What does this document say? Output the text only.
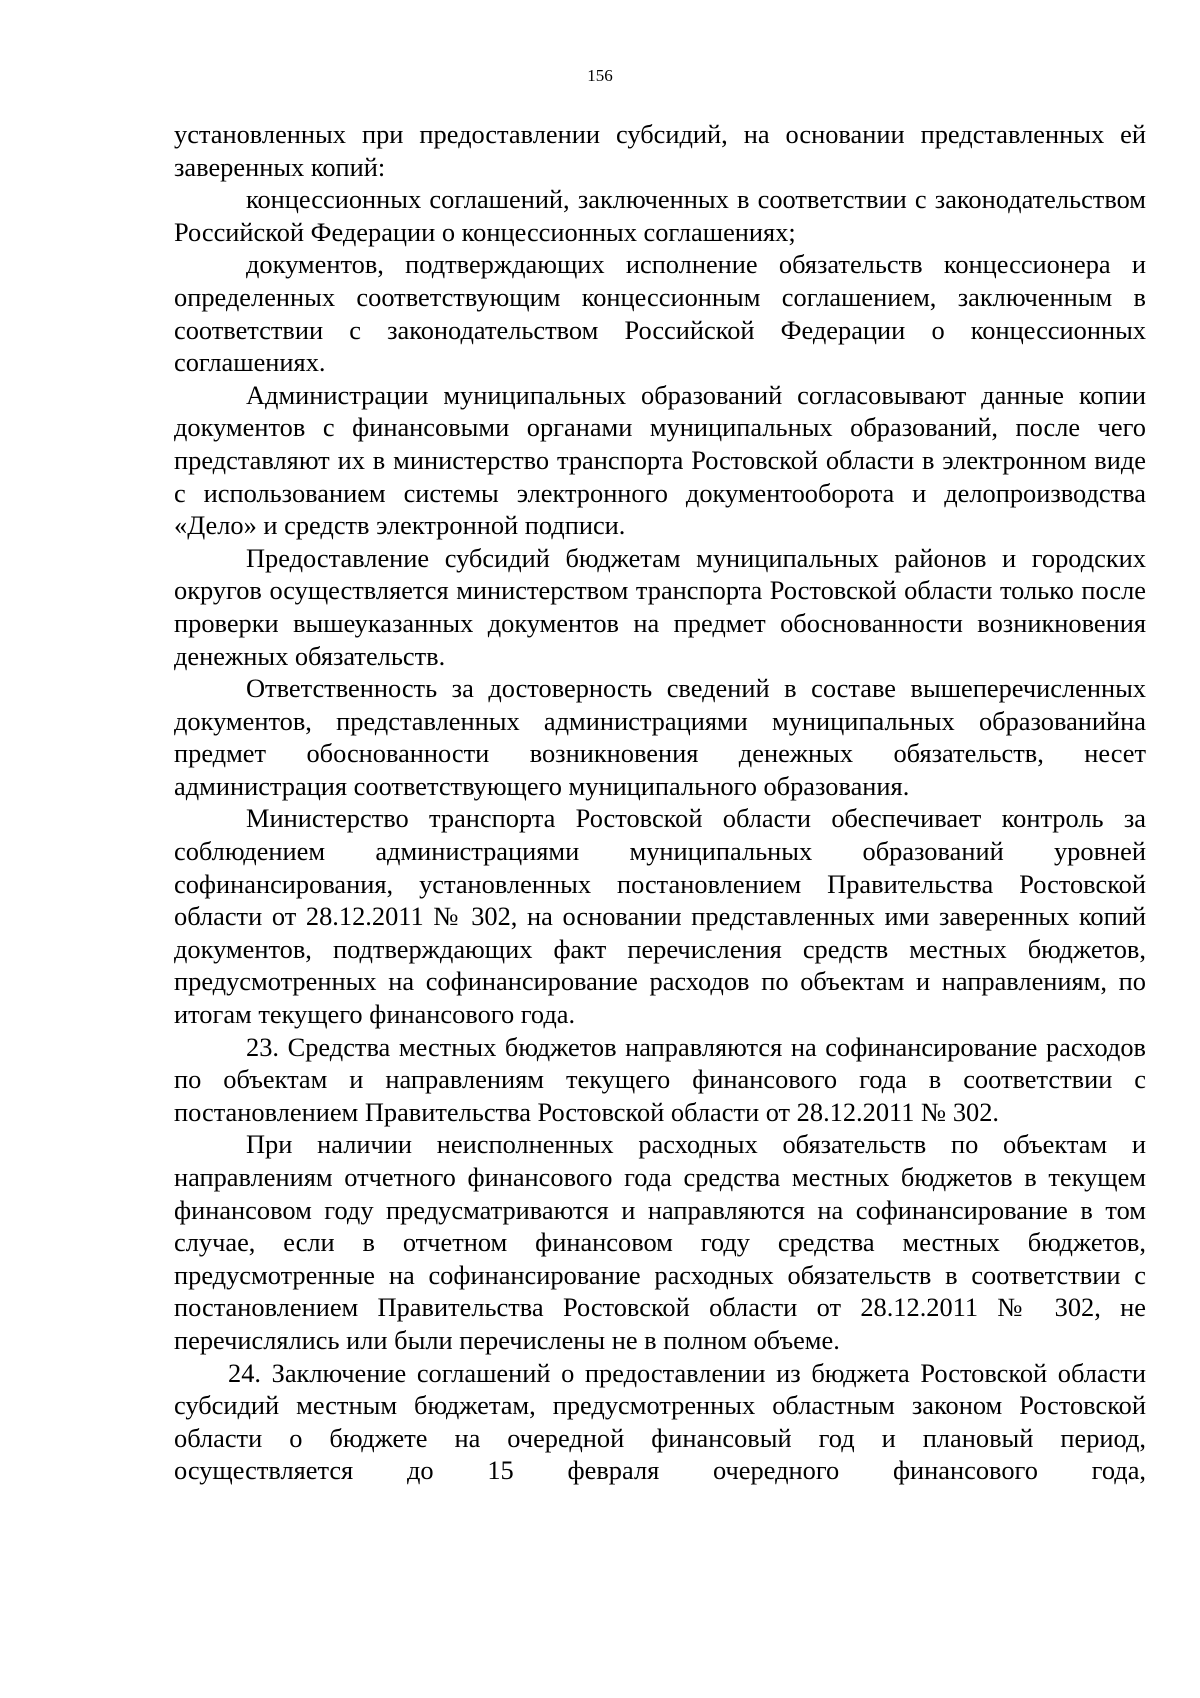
156

установленных при предоставлении субсидий, на основании представленных ей заверенных копий:

концессионных соглашений, заключенных в соответствии с законодательством Российской Федерации о концессионных соглашениях;

документов, подтверждающих исполнение обязательств концессионера и определенных соответствующим концессионным соглашением, заключенным в соответствии с законодательством Российской Федерации о концессионных соглашениях.

Администрации муниципальных образований согласовывают данные копии документов с финансовыми органами муниципальных образований, после чего представляют их в министерство транспорта Ростовской области в электронном виде с использованием системы электронного документооборота и делопроизводства «Дело» и средств электронной подписи.

Предоставление субсидий бюджетам муниципальных районов и городских округов осуществляется министерством транспорта Ростовской области только после проверки вышеуказанных документов на предмет обоснованности возникновения денежных обязательств.

Ответственность за достоверность сведений в составе вышеперечисленных документов, представленных администрациями муниципальных образованийна предмет обоснованности возникновения денежных обязательств, несет администрация соответствующего муниципального образования.

Министерство транспорта Ростовской области обеспечивает контроль за соблюдением администрациями муниципальных образований уровней софинансирования, установленных постановлением Правительства Ростовской области от 28.12.2011 № 302, на основании представленных ими заверенных копий документов, подтверждающих факт перечисления средств местных бюджетов, предусмотренных на софинансирование расходов по объектам и направлениям, по итогам текущего финансового года.

23. Средства местных бюджетов направляются на софинансирование расходов по объектам и направлениям текущего финансового года в соответствии с постановлением Правительства Ростовской области от 28.12.2011 № 302.

При наличии неисполненных расходных обязательств по объектам и направлениям отчетного финансового года средства местных бюджетов в текущем финансовом году предусматриваются и направляются на софинансирование в том случае, если в отчетном финансовом году средства местных бюджетов, предусмотренные на софинансирование расходных обязательств в соответствии с постановлением Правительства Ростовской области от 28.12.2011 № 302, не перечислялись или были перечислены не в полном объеме.

24. Заключение соглашений о предоставлении из бюджета Ростовской области субсидий местным бюджетам, предусмотренных областным законом Ростовской области о бюджете на очередной финансовый год и плановый период, осуществляется до 15 февраля очередного финансового года,
